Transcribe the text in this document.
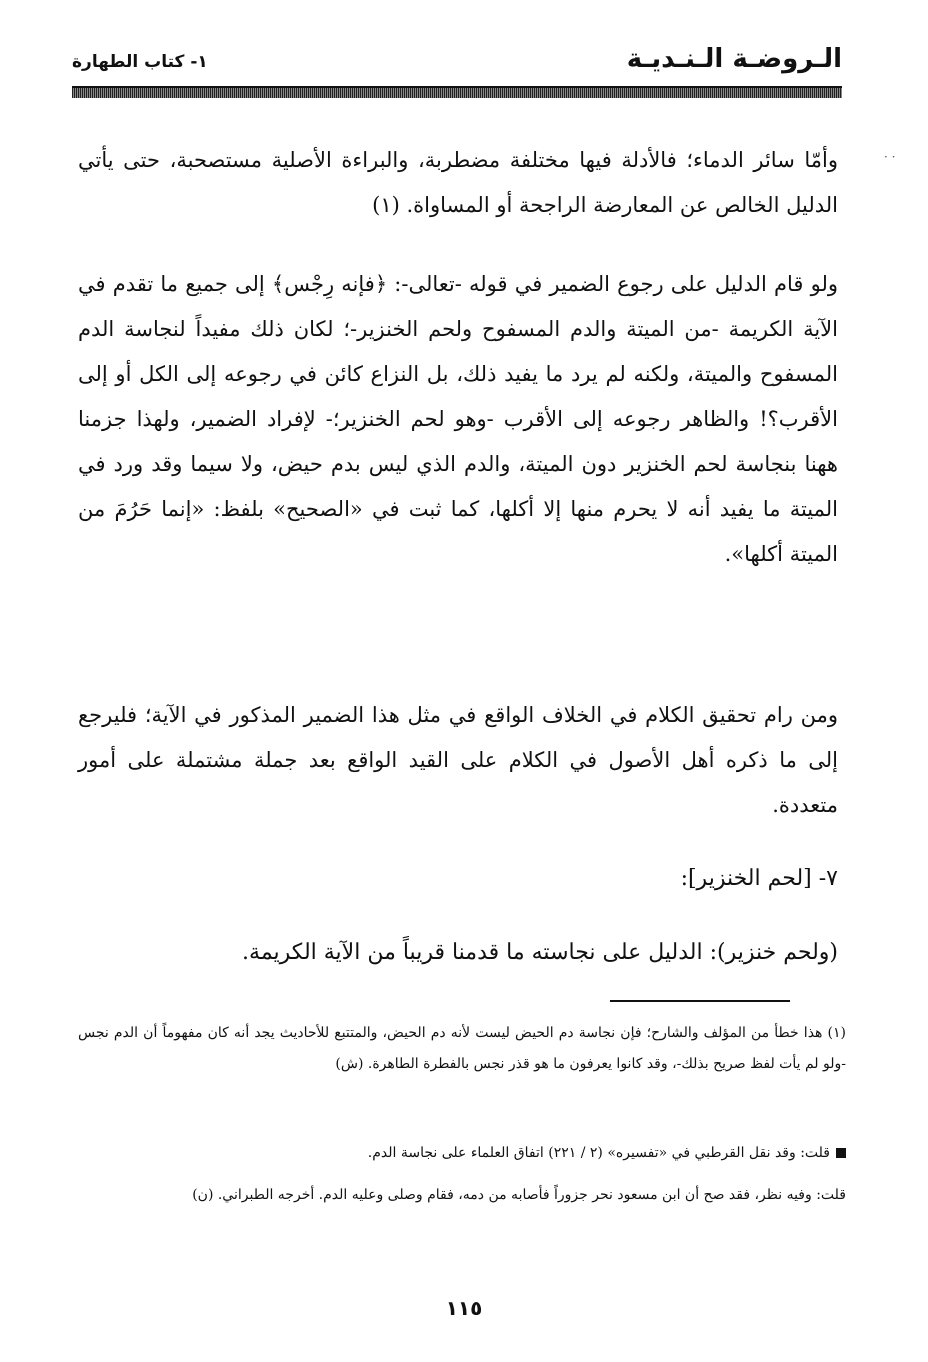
الـروضـة الـنـديـة
١- كتاب الطهارة
· ·

وأمّا سائر الدماء؛ فالأدلة فيها مختلفة مضطربة، والبراءة الأصلية مستصحبة، حتى يأتي الدليل الخالص عن المعارضة الراجحة أو المساواة. (١)

ولو قام الدليل على رجوع الضمير في قوله -تعالى-: ﴿فإنه رِجْس﴾ إلى جميع ما تقدم في الآية الكريمة -من الميتة والدم المسفوح ولحم الخنزير-؛ لكان ذلك مفيداً لنجاسة الدم المسفوح والميتة، ولكنه لم يرد ما يفيد ذلك، بل النزاع كائن في رجوعه إلى الكل أو إلى الأقرب؟! والظاهر رجوعه إلى الأقرب -وهو لحم الخنزير؛- لإفراد الضمير، ولهذا جزمنا ههنا بنجاسة لحم الخنزير دون الميتة، والدم الذي ليس بدم حيض، ولا سيما وقد ورد في الميتة ما يفيد أنه لا يحرم منها إلا أكلها، كما ثبت في «الصحيح» بلفظ: «إنما حَرُمَ من الميتة أكلها».

ومن رام تحقيق الكلام في الخلاف الواقع في مثل هذا الضمير المذكور في الآية؛ فليرجع إلى ما ذكره أهل الأصول في الكلام على القيد الواقع بعد جملة مشتملة على أمور متعددة.

٧- [لحم الخنزير]:
(ولحم خنزير): الدليل على نجاسته ما قدمنا قريباً من الآية الكريمة.
(١) هذا خطأ من المؤلف والشارح؛ فإن نجاسة دم الحيض ليست لأنه دم الحيض، والمتتبع للأحاديث يجد أنه كان مفهوماً أن الدم نجس -ولو لم يأت لفظ صريح بذلك-، وقد كانوا يعرفون ما هو قذر نجس بالفطرة الطاهرة. (ش)
قلت: وقد نقل القرطبي في «تفسيره» (٢ / ٢٢١) اتفاق العلماء على نجاسة الدم.
قلت: وفيه نظر، فقد صح أن ابن مسعود نحر جزوراً فأصابه من دمه، فقام وصلى وعليه الدم. أخرجه الطبراني. (ن)
١١٥
